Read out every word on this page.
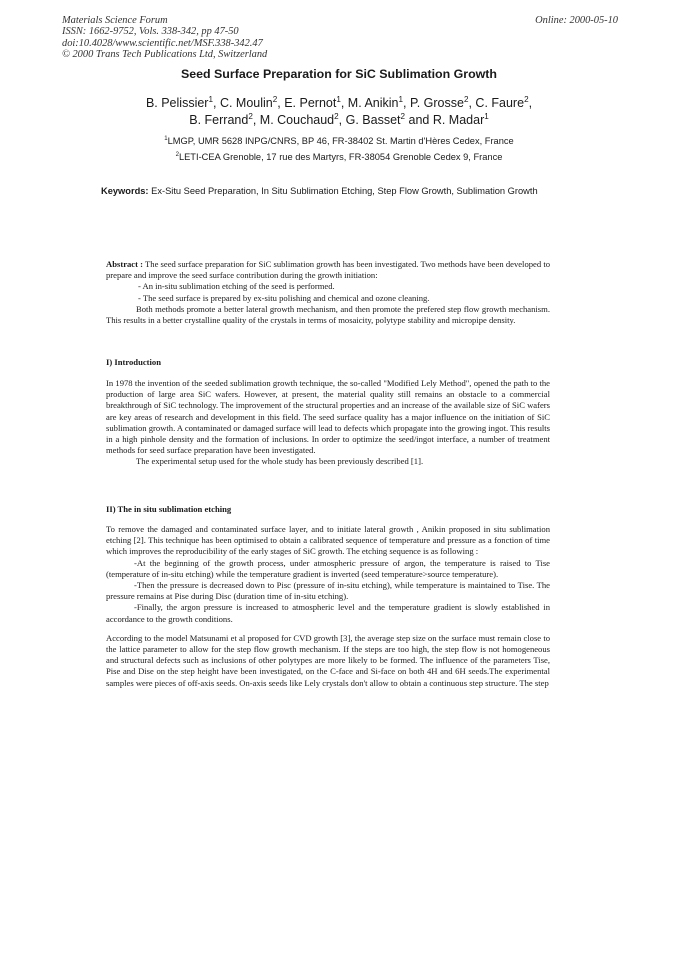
Materials Science Forum
ISSN: 1662-9752, Vols. 338-342, pp 47-50
doi:10.4028/www.scientific.net/MSF.338-342.47
© 2000 Trans Tech Publications Ltd, Switzerland
Online: 2000-05-10
Seed Surface Preparation for SiC Sublimation Growth
B. Pelissier$^1$, C. Moulin$^2$, E. Pernot$^1$, M. Anikin$^1$, P. Grosse$^2$, C. Faure$^2$,
B. Ferrand$^2$, M. Couchaud$^2$, G. Basset$^2$ and R. Madar$^1$
$^1$LMGP, UMR 5628 INPG/CNRS, BP 46, FR-38402 St. Martin d'Hères Cedex, France
$^2$LETI-CEA Grenoble, 17 rue des Martyrs, FR-38054 Grenoble Cedex 9, France
Keywords: Ex-Situ Seed Preparation, In Situ Sublimation Etching, Step Flow Growth, Sublimation Growth

Abstract : The seed surface preparation for SiC sublimation growth has been investigated. Two methods have been developed to prepare and improve the seed surface contribution during the growth initiation:

- An in-situ sublimation etching of the seed is performed.

- The seed surface is prepared by ex-situ polishing and chemical and ozone cleaning.

Both methods promote a better lateral growth mechanism, and then promote the prefered step flow growth mechanism. This results in a better crystalline quality of the crystals in terms of mosaicity, polytype stability and micropipe density.

I) Introduction

In 1978 the invention of the seeded sublimation growth technique, the so-called "Modified Lely Method", opened the path to the production of large area SiC wafers. However, at present, the material quality still remains an obstacle to a commercial breakthrough of SiC technology. The improvement of the structural properties and an increase of the available size of SiC wafers are key areas of research and development in this field. The seed surface quality has a major influence on the initiation of SiC sublimation growth. A contaminated or damaged surface will lead to defects which propagate into the growing ingot. This results in a high pinhole density and the formation of inclusions. In order to optimize the seed/ingot interface, a number of treatment methods for seed surface preparation have been investigated.

The experimental setup used for the whole study has been previously described [1].

II) The in situ sublimation etching

To remove the damaged and contaminated surface layer, and to initiate lateral growth , Anikin proposed in situ sublimation etching [2]. This technique has been optimised to obtain a calibrated sequence of temperature and pressure as a fonction of time which improves the reproducibility of the early stages of SiC growth. The etching sequence is as following :

-At the beginning of the growth process, under atmospheric pressure of argon, the temperature is raised to Tise (temperature of in-situ etching) while the temperature gradient is inverted (seed temperature>source temperature).

-Then the pressure is decreased down to Pisc (pressure of in-situ etching), while temperature is maintained to Tise. The pressure remains at Pise during Disc (duration time of in-situ etching).

-Finally, the argon pressure is increased to atmospheric level and the temperature gradient is slowly established in accordance to the growth conditions.

According to the model Matsunami et al proposed for CVD growth [3], the average step size on the surface must remain close to the lattice parameter to allow for the step flow growth mechanism. If the steps are too high, the step flow is not homogeneous and structural defects such as inclusions of other polytypes are more likely to be formed. The influence of the parameters Tise, Pise and Dise on the step height have been investigated, on the C-face and Si-face on both 4H and 6H seeds.The experimental samples were pieces of off-axis seeds. On-axis seeds like Lely crystals don't allow to obtain a continuous step structure. The step
